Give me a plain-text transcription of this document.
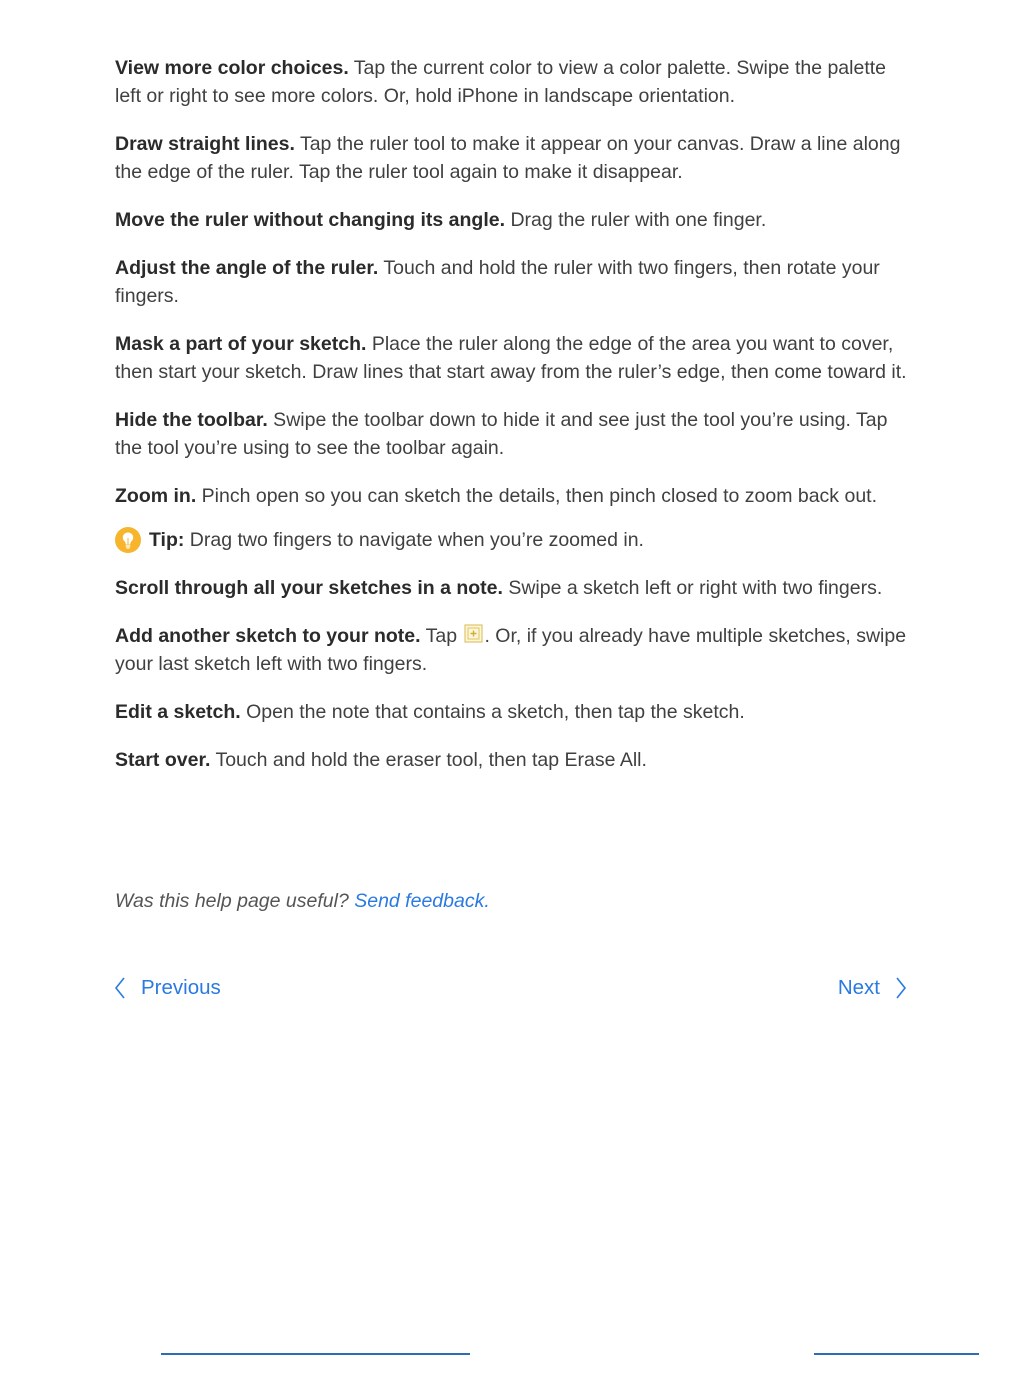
View more color choices. Tap the current color to view a color palette. Swipe the palette left or right to see more colors. Or, hold iPhone in landscape orientation.

Draw straight lines. Tap the ruler tool to make it appear on your canvas. Draw a line along the edge of the ruler. Tap the ruler tool again to make it disappear.

Move the ruler without changing its angle. Drag the ruler with one finger.

Adjust the angle of the ruler. Touch and hold the ruler with two fingers, then rotate your fingers.

Mask a part of your sketch. Place the ruler along the edge of the area you want to cover, then start your sketch. Draw lines that start away from the ruler’s edge, then come toward it.

Hide the toolbar. Swipe the toolbar down to hide it and see just the tool you’re using. Tap the tool you’re using to see the toolbar again.

Zoom in. Pinch open so you can sketch the details, then pinch closed to zoom back out.

Tip: Drag two fingers to navigate when you’re zoomed in.

Scroll through all your sketches in a note. Swipe a sketch left or right with two fingers.

Add another sketch to your note. Tap . Or, if you already have multiple sketches, swipe your last sketch left with two fingers.

Edit a sketch. Open the note that contains a sketch, then tap the sketch.

Start over. Touch and hold the eraser tool, then tap Erase All.

Was this help page useful? Send feedback.
Previous	Next
